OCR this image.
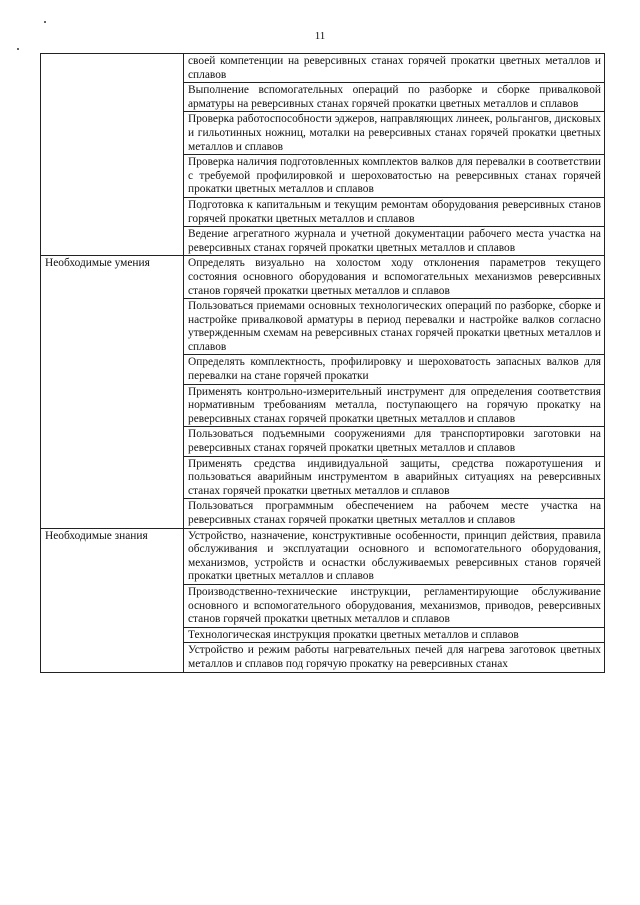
11
	своей компетенции на реверсивных станах горячей прокатки цветных металлов и сплавов
	Выполнение вспомогательных операций по разборке и сборке привалковой арматуры на реверсивных станах горячей прокатки цветных металлов и сплавов
	Проверка работоспособности эджеров, направляющих линеек, рольгангов, дисковых и гильотинных ножниц, моталки на реверсивных станах горячей прокатки цветных металлов и сплавов
	Проверка наличия подготовленных комплектов валков для перевалки в соответствии с требуемой профилировкой и шероховатостью на реверсивных станах горячей прокатки цветных металлов и сплавов
	Подготовка к капитальным и текущим ремонтам оборудования реверсивных станов горячей прокатки цветных металлов и сплавов
	Ведение агрегатного журнала и учетной документации рабочего места участка на реверсивных станах горячей прокатки цветных металлов и сплавов
Необходимые умения	Определять визуально на холостом ходу отклонения параметров текущего состояния основного оборудования и вспомогательных механизмов реверсивных станов горячей прокатки цветных металлов и сплавов
	Пользоваться приемами основных технологических операций по разборке, сборке и настройке привалковой арматуры в период перевалки и настройке валков согласно утвержденным схемам на реверсивных станах горячей прокатки цветных металлов и сплавов
	Определять комплектность, профилировку и шероховатость запасных валков для перевалки на стане горячей прокатки
	Применять контрольно-измерительный инструмент для определения соответствия нормативным требованиям металла, поступающего на горячую прокатку на реверсивных станах горячей прокатки цветных металлов и сплавов
	Пользоваться подъемными сооружениями для транспортировки заготовки на реверсивных станах горячей прокатки цветных металлов и сплавов
	Применять средства индивидуальной защиты, средства пожаротушения и пользоваться аварийным инструментом в аварийных ситуациях на реверсивных станах горячей прокатки цветных металлов и сплавов
	Пользоваться программным обеспечением на рабочем месте участка на реверсивных станах горячей прокатки цветных металлов и сплавов
Необходимые знания	Устройство, назначение, конструктивные особенности, принцип действия, правила обслуживания и эксплуатации основного и вспомогательного оборудования, механизмов, устройств и оснастки обслуживаемых реверсивных станов горячей прокатки цветных металлов и сплавов
	Производственно-технические инструкции, регламентирующие обслуживание основного и вспомогательного оборудования, механизмов, приводов, реверсивных станов горячей прокатки цветных металлов и сплавов
	Технологическая инструкция прокатки цветных металлов и сплавов
	Устройство и режим работы нагревательных печей для нагрева заготовок цветных металлов и сплавов под горячую прокатку на реверсивных станах
